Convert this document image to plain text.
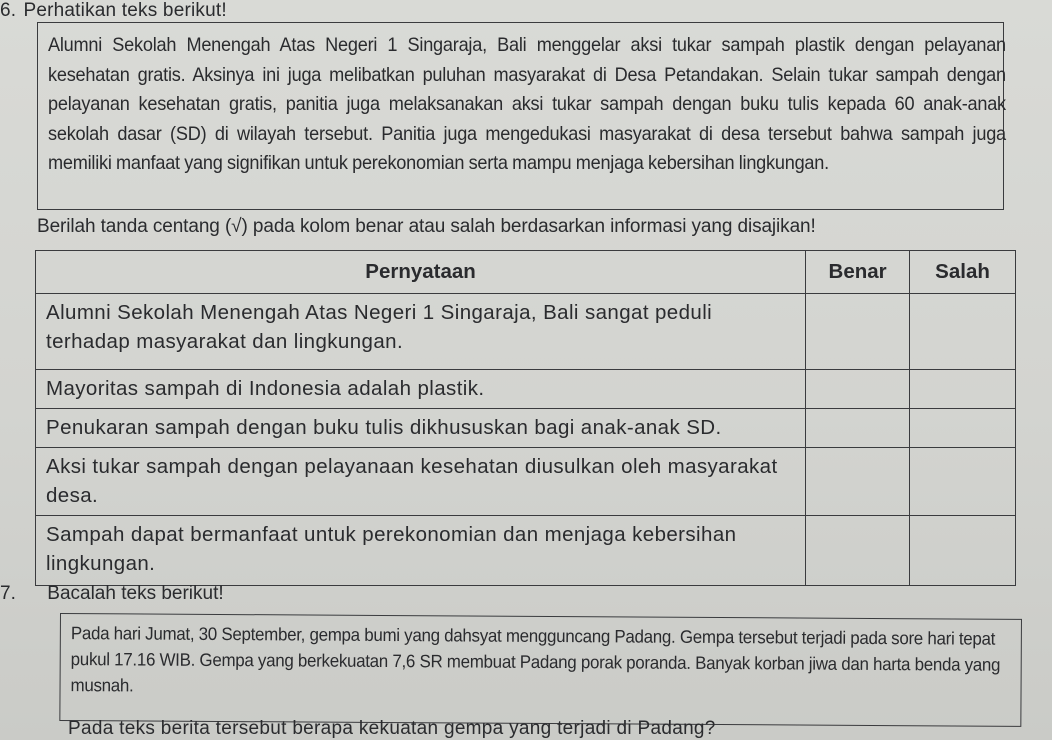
6. Perhatikan teks berikut!

Alumni Sekolah Menengah Atas Negeri 1 Singaraja, Bali menggelar aksi tukar sampah plastik dengan pelayanan kesehatan gratis. Aksinya ini juga melibatkan puluhan masyarakat di Desa Petandakan. Selain tukar sampah dengan pelayanan kesehatan gratis, panitia juga melaksanakan aksi tukar sampah dengan buku tulis kepada 60 anak-anak sekolah dasar (SD) di wilayah tersebut. Panitia juga mengedukasi masyarakat di desa tersebut bahwa sampah juga memiliki manfaat yang signifikan untuk perekonomian serta mampu menjaga kebersihan lingkungan.

Berilah tanda centang (√) pada kolom benar atau salah berdasarkan informasi yang disajikan!
Pernyataan	Benar	Salah
Alumni Sekolah Menengah Atas Negeri 1 Singaraja, Bali sangat peduli terhadap masyarakat dan lingkungan.		
Mayoritas sampah di Indonesia adalah plastik.		
Penukaran sampah dengan buku tulis dikhususkan bagi anak-anak SD.		
Aksi tukar sampah dengan pelayanaan kesehatan diusulkan oleh masyarakat desa.		
Sampah dapat bermanfaat untuk perekonomian dan menjaga kebersihan lingkungan.		
7. Bacalah teks berikut!

Pada hari Jumat, 30 September, gempa bumi yang dahsyat mengguncang Padang. Gempa tersebut terjadi pada sore hari tepat pukul 17.16 WIB. Gempa yang berkekuatan 7,6 SR membuat Padang porak poranda. Banyak korban jiwa dan harta benda yang musnah.

Pada teks berita tersebut berapa kekuatan gempa yang terjadi di Padang?
